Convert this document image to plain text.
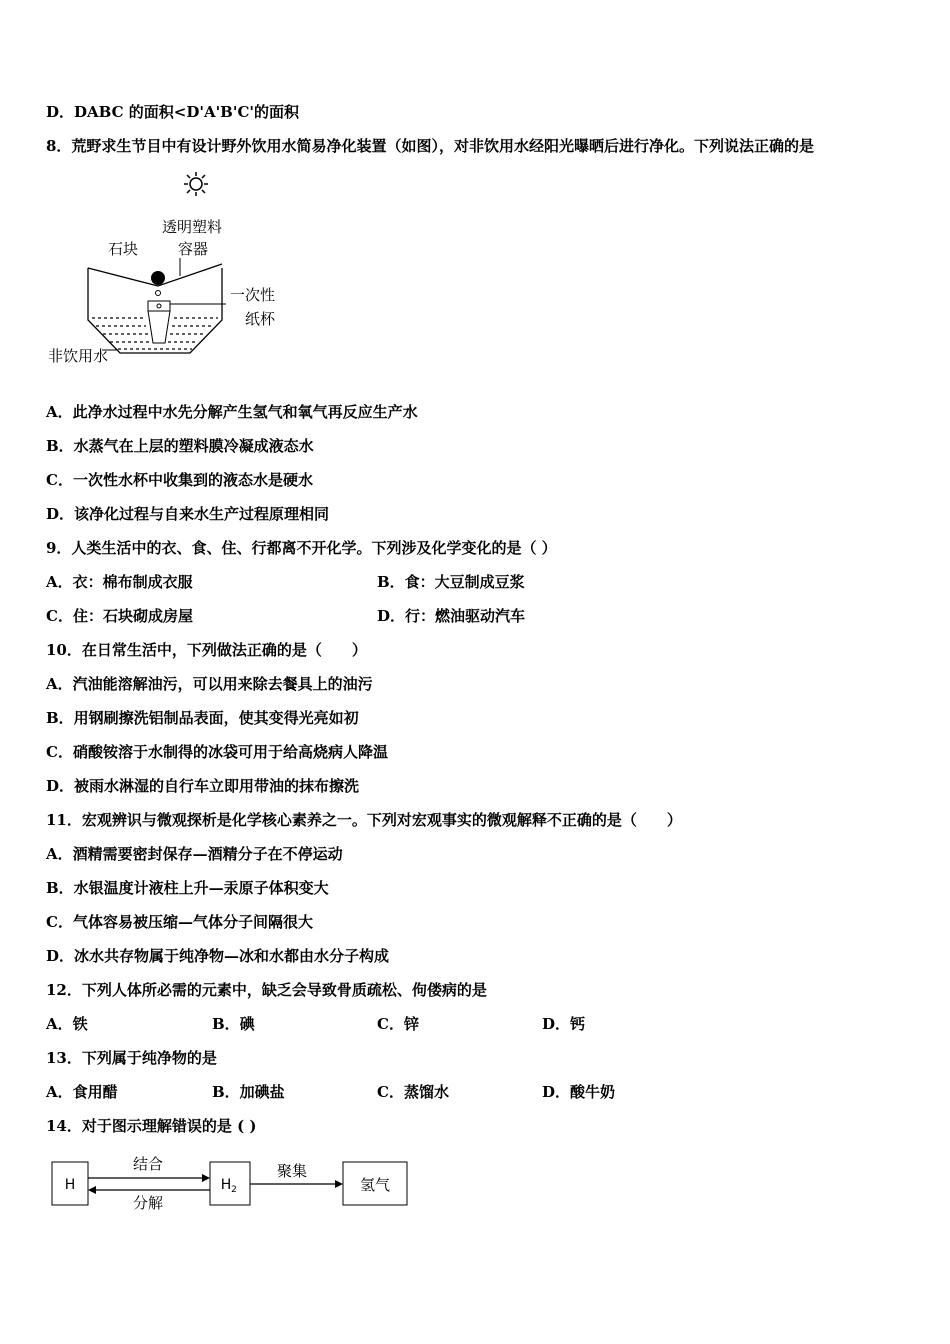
D．DABC 的面积<D'A'B'C'的面积
8．荒野求生节目中有设计野外饮用水简易净化装置（如图），对非饮用水经阳光曝晒后进行净化。下列说法正确的是
透明塑料
容器
石块
一次性
纸杯
非饮用水
A．此净水过程中水先分解产生氢气和氧气再反应生产水
B．水蒸气在上层的塑料膜冷凝成液态水
C．一次性水杯中收集到的液态水是硬水
D．该净化过程与自来水生产过程原理相同
9．人类生活中的衣、食、住、行都离不开化学。下列涉及化学变化的是（ ）
A．衣：棉布制成衣服	B．食：大豆制成豆浆
C．住：石块砌成房屋	D．行：燃油驱动汽车
10．在日常生活中，下列做法正确的是（　　）
A．汽油能溶解油污，可以用来除去餐具上的油污
B．用钢刷擦洗铝制品表面，使其变得光亮如初
C．硝酸铵溶于水制得的冰袋可用于给高烧病人降温
D．被雨水淋湿的自行车立即用带油的抹布擦洗
11．宏观辨识与微观探析是化学核心素养之一。下列对宏观事实的微观解释不正确的是（　　）
A．酒精需要密封保存—酒精分子在不停运动
B．水银温度计液柱上升—汞原子体积变大
C．气体容易被压缩—气体分子间隔很大
D．冰水共存物属于纯净物—冰和水都由水分子构成
12．下列人体所必需的元素中，缺乏会导致骨质疏松、佝偻病的是
A．铁	B．碘	C．锌	D．钙
13．下列属于纯净物的是
A．食用醋	B．加碘盐	C．蒸馏水	D．酸牛奶
14．对于图示理解错误的是 ( )
H	H 2	氢气
结合
分解
聚集
